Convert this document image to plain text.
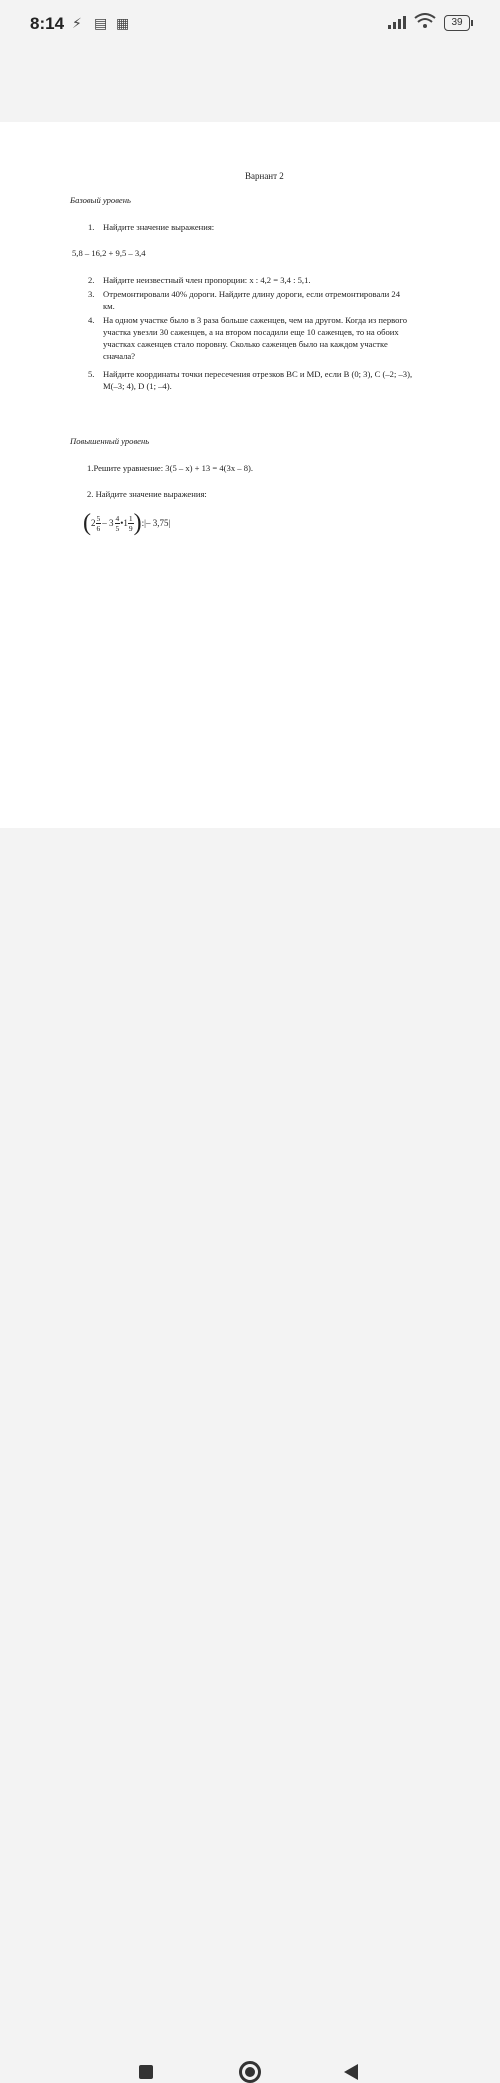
8:14 ⚡ ▤ ▦	39
Варнант 2
Базовый уровень
1. Найдите значение выражения:
5,8 – 16,2 + 9,5 – 3,4
2. Найдите неизвестный член пропорции: x : 4,2 = 3,4 : 5,1.
3. Отремонтировали 40% дороги. Найдите длину дороги, если отремонтировали 24
км.
4. На одном участке было в 3 раза больше саженцев, чем на другом. Когда из первого
участка увезли 30 саженцев, а на втором посадили еще 10 саженцев, то на обоих
участках саженцев стало поровну. Сколько саженцев было на каждом участке
сначала?
5. Найдите координаты точки пересечения отрезков BC и MD, если B (0; 3), C (–2; –3),
M(–3; 4), D (1; –4).
Повышенный уровень
1.Решите уравнение: 3(5 – x) + 13 = 4(3x – 8).
2. Найдите значение выражения:
($2 \frac{5}{6} - 3 \frac{4}{5}$ •1 $\frac{1}{9}$ ):|– 3,75|
